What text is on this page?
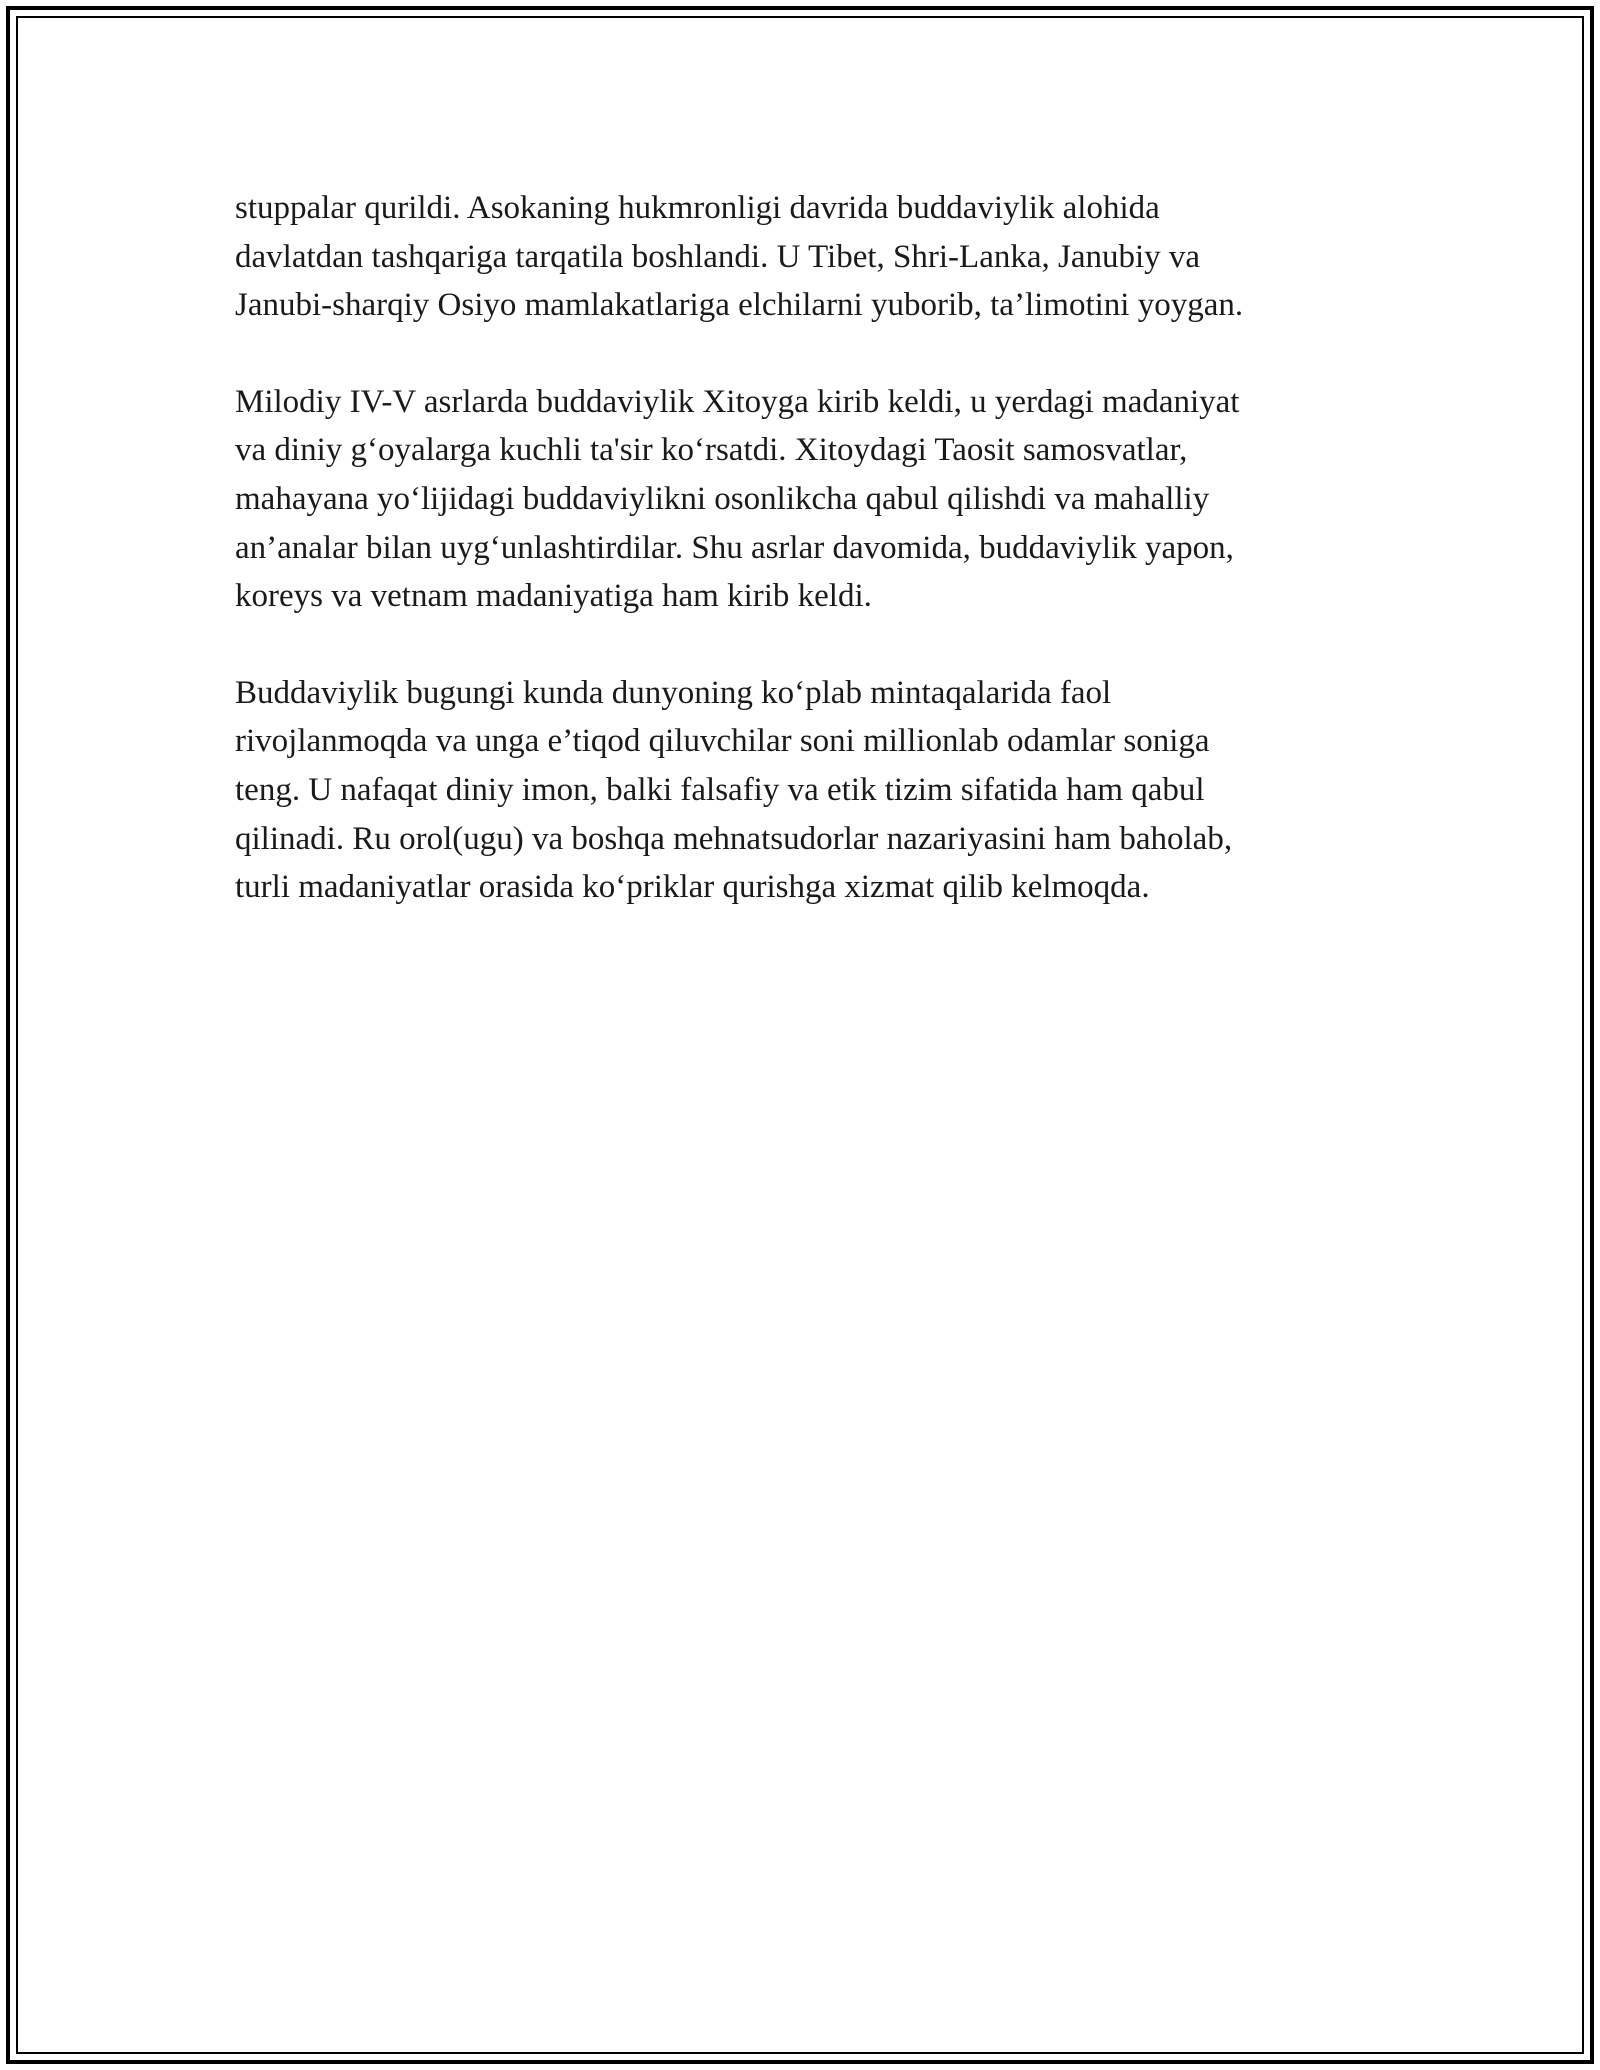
stuppalar qurildi. Asokaning hukmronligi davrida buddaviylik alohida
davlatdan tashqariga tarqatila boshlandi. U Tibet, Shri-Lanka, Janubiy va
Janubi-sharqiy Osiyo mamlakatlariga elchilarni yuborib, ta’limotini yoygan.

Milodiy IV-V asrlarda buddaviylik Xitoyga kirib keldi, u yerdagi madaniyat
va diniy g‘oyalarga kuchli ta'sir ko‘rsatdi. Xitoydagi Taosit samosvatlar,
mahayana yo‘lijidagi buddaviylikni osonlikcha qabul qilishdi va mahalliy
an’analar bilan uyg‘unlashtirdilar. Shu asrlar davomida, buddaviylik yapon,
koreys va vetnam madaniyatiga ham kirib keldi.

Buddaviylik bugungi kunda dunyoning ko‘plab mintaqalarida faol
rivojlanmoqda va unga e’tiqod qiluvchilar soni millionlab odamlar soniga
teng. U nafaqat diniy imon, balki falsafiy va etik tizim sifatida ham qabul
qilinadi. Ru orol(ugu) va boshqa mehnatsudorlar nazariyasini ham baholab,
turli madaniyatlar orasida ko‘priklar qurishga xizmat qilib kelmoqda.
